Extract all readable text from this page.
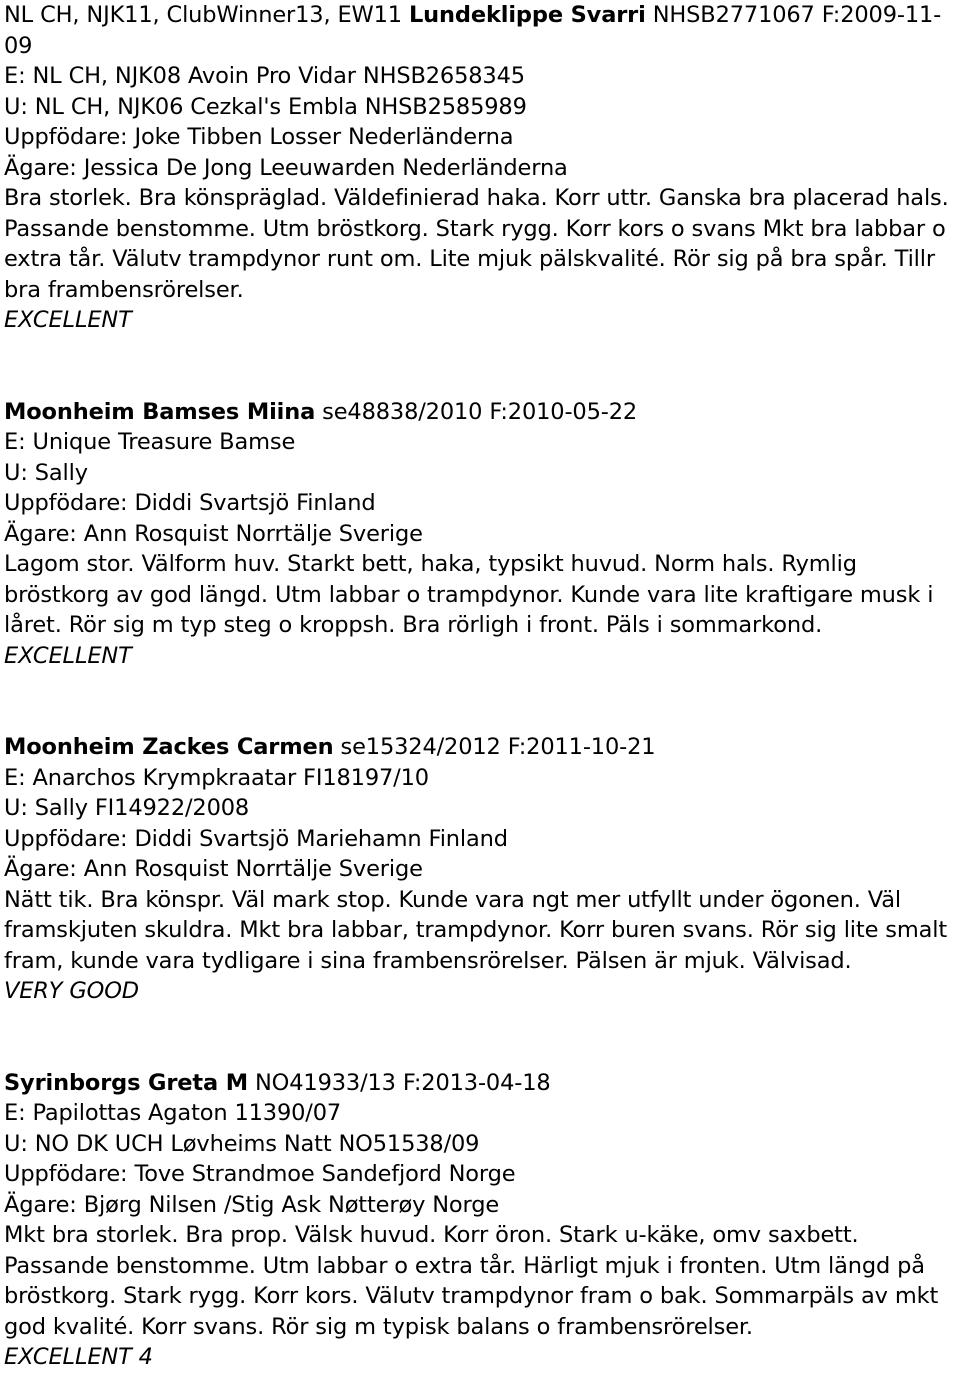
NL CH, NJK11, ClubWinner13, EW11 Lundeklippe Svarri NHSB2771067 F:2009-11-09
E: NL CH, NJK08 Avoin Pro Vidar NHSB2658345
U: NL CH, NJK06 Cezkal's Embla NHSB2585989
Uppfödare: Joke Tibben Losser Nederländerna
Ägare: Jessica De Jong Leeuwarden Nederländerna
Bra storlek. Bra könspräglad. Väldefinierad haka. Korr uttr. Ganska bra placerad hals. Passande benstomme. Utm bröstkorg. Stark rygg. Korr kors o svans Mkt bra labbar o extra tår. Välutv trampdynor runt om. Lite mjuk pälskvalité. Rör sig på bra spår. Tillr bra frambensrörelser.
EXCELLENT
Moonheim Bamses Miina se48838/2010 F:2010-05-22
E: Unique Treasure Bamse
U: Sally
Uppfödare: Diddi Svartsjö Finland
Ägare: Ann Rosquist Norrtälje Sverige
Lagom stor. Välform huv. Starkt bett, haka, typsikt huvud. Norm hals. Rymlig bröstkorg av god längd. Utm labbar o trampdynor. Kunde vara lite kraftigare musk i låret. Rör sig m typ steg o kroppsh. Bra rörligh i front. Päls i sommarkond.
EXCELLENT
Moonheim Zackes Carmen se15324/2012 F:2011-10-21
E: Anarchos Krympkraatar FI18197/10
U: Sally FI14922/2008
Uppfödare: Diddi Svartsjö Mariehamn Finland
Ägare: Ann Rosquist Norrtälje Sverige
Nätt tik. Bra könspr. Väl mark stop. Kunde vara ngt mer utfyllt under ögonen. Väl framskjuten skuldra. Mkt bra labbar, trampdynor. Korr buren svans. Rör sig lite smalt fram, kunde vara tydligare i sina frambensrörelser. Pälsen är mjuk. Välvisad.
VERY GOOD
Syrinborgs Greta M NO41933/13 F:2013-04-18
E: Papilottas Agaton 11390/07
U: NO DK UCH Løvheims Natt NO51538/09
Uppfödare: Tove Strandmoe Sandefjord Norge
Ägare: Bjørg Nilsen /Stig Ask Nøtterøy Norge
Mkt bra storlek. Bra prop. Välsk huvud. Korr öron. Stark u-käke, omv saxbett. Passande benstomme. Utm labbar o extra tår. Härligt mjuk i fronten. Utm längd på bröstkorg. Stark rygg. Korr kors. Välutv trampdynor fram o bak. Sommarpäls av mkt god kvalité. Korr svans. Rör sig m typisk balans o frambensrörelser.
EXCELLENT 4
